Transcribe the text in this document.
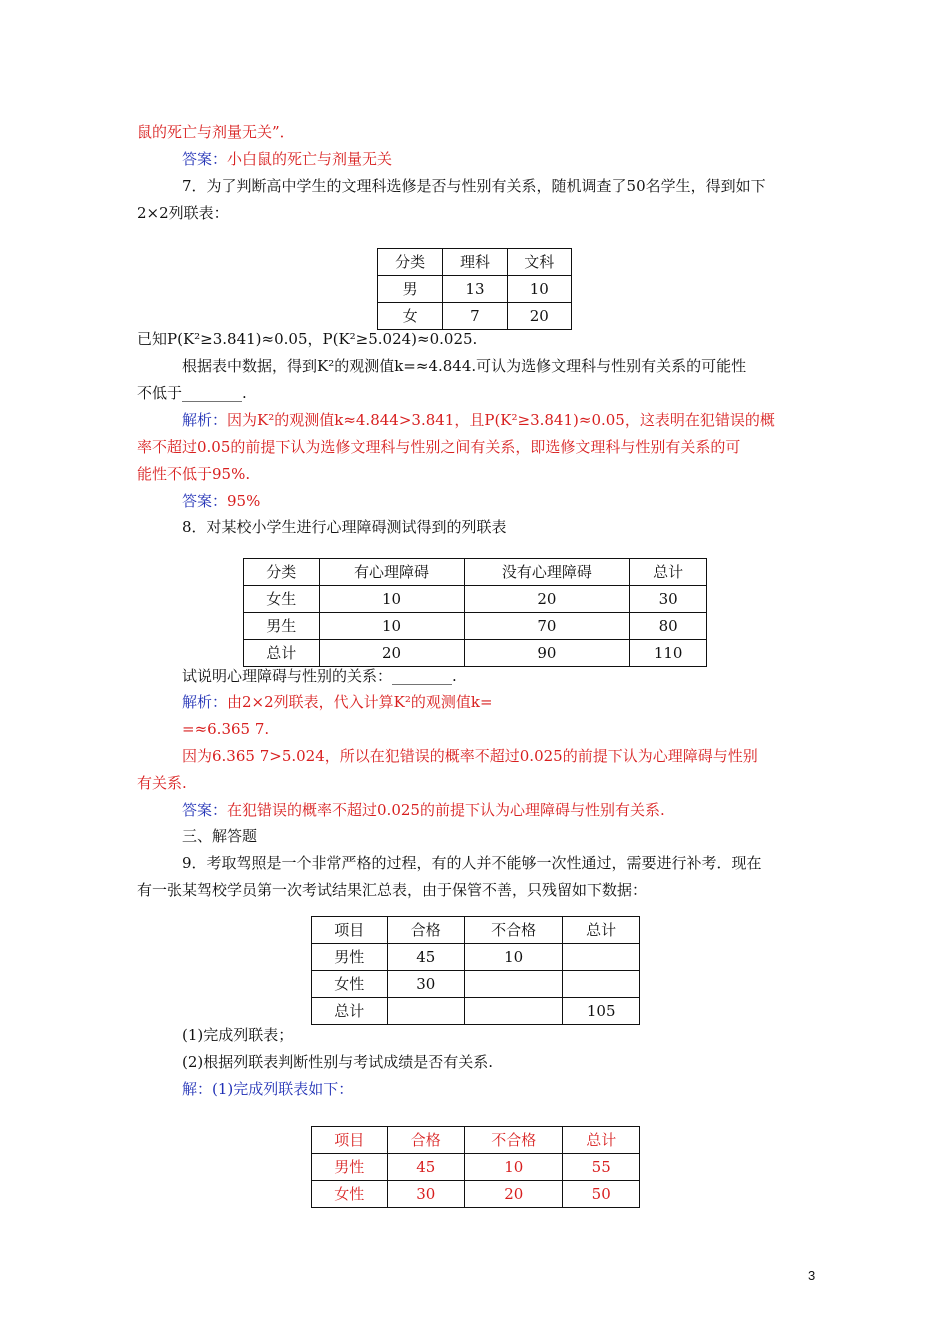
鼠的死亡与剂量无关”．
答案：小白鼠的死亡与剂量无关
7．为了判断高中学生的文理科选修是否与性别有关系，随机调查了50名学生，得到如下
2×2列联表：
分类	理科	文科
男	13	10
女	7	20
已知P(K²≥3.841)≈0.05，P(K²≥5.024)≈0.025.
根据表中数据，得到K²的观测值k=≈4.844.可认为选修文理科与性别有关系的可能性
不低于________.
解析：因为K²的观测值k≈4.844>3.841，且P(K²≥3.841)≈0.05，这表明在犯错误的概
率不超过0.05的前提下认为选修文理科与性别之间有关系，即选修文理科与性别有关系的可
能性不低于95%.
答案：95%
8．对某校小学生进行心理障碍测试得到的列联表
分类	有心理障碍	没有心理障碍	总计
女生	10	20	30
男生	10	70	80
总计	20	90	110
试说明心理障碍与性别的关系：________.
解析：由2×2列联表，代入计算K²的观测值k=
=≈6.365 7.
因为6.365 7>5.024，所以在犯错误的概率不超过0.025的前提下认为心理障碍与性别
有关系.
答案：在犯错误的概率不超过0.025的前提下认为心理障碍与性别有关系.
三、解答题
9．考取驾照是一个非常严格的过程，有的人并不能够一次性通过，需要进行补考．现在
有一张某驾校学员第一次考试结果汇总表，由于保管不善，只残留如下数据：
项目	合格	不合格	总计
男性	45	10	
女性	30		
总计			105
(1)完成列联表；
(2)根据列联表判断性别与考试成绩是否有关系.
解：(1)完成列联表如下：
项目	合格	不合格	总计
男性	45	10	55
女性	30	20	50
3
